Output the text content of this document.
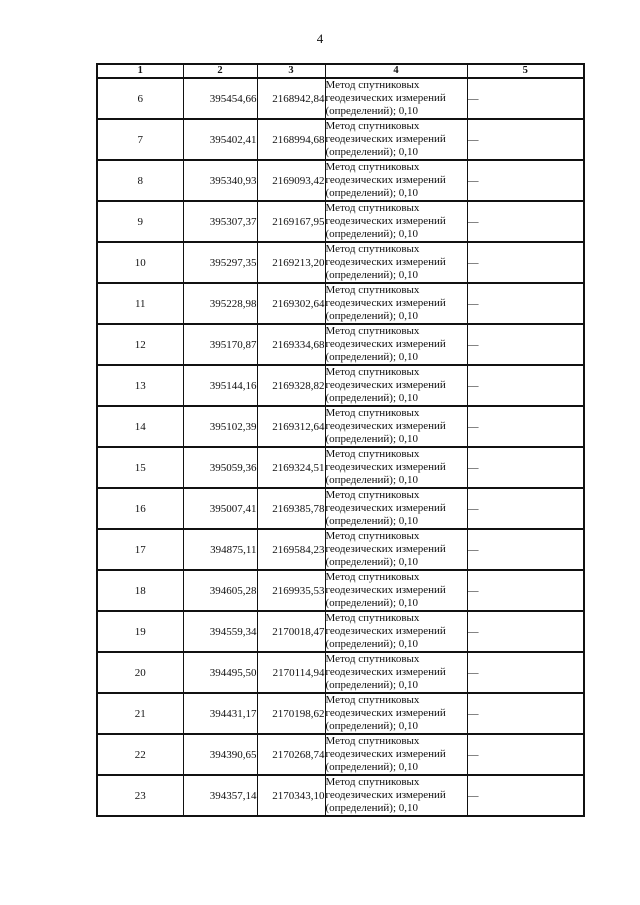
4
1	2	3	4	5
6	395454,66	2168942,84	Метод спутниковых
геодезических измерений
(определений); 0,10	—
7	395402,41	2168994,68	Метод спутниковых
геодезических измерений
(определений); 0,10	—
8	395340,93	2169093,42	Метод спутниковых
геодезических измерений
(определений); 0,10	—
9	395307,37	2169167,95	Метод спутниковых
геодезических измерений
(определений); 0,10	—
10	395297,35	2169213,20	Метод спутниковых
геодезических измерений
(определений); 0,10	—
11	395228,98	2169302,64	Метод спутниковых
геодезических измерений
(определений); 0,10	—
12	395170,87	2169334,68	Метод спутниковых
геодезических измерений
(определений); 0,10	—
13	395144,16	2169328,82	Метод спутниковых
геодезических измерений
(определений); 0,10	—
14	395102,39	2169312,64	Метод спутниковых
геодезических измерений
(определений); 0,10	—
15	395059,36	2169324,51	Метод спутниковых
геодезических измерений
(определений); 0,10	—
16	395007,41	2169385,78	Метод спутниковых
геодезических измерений
(определений); 0,10	—
17	394875,11	2169584,23	Метод спутниковых
геодезических измерений
(определений); 0,10	—
18	394605,28	2169935,53	Метод спутниковых
геодезических измерений
(определений); 0,10	—
19	394559,34	2170018,47	Метод спутниковых
геодезических измерений
(определений); 0,10	—
20	394495,50	2170114,94	Метод спутниковых
геодезических измерений
(определений); 0,10	—
21	394431,17	2170198,62	Метод спутниковых
геодезических измерений
(определений); 0,10	—
22	394390,65	2170268,74	Метод спутниковых
геодезических измерений
(определений); 0,10	—
23	394357,14	2170343,10	Метод спутниковых
геодезических измерений
(определений); 0,10	—
